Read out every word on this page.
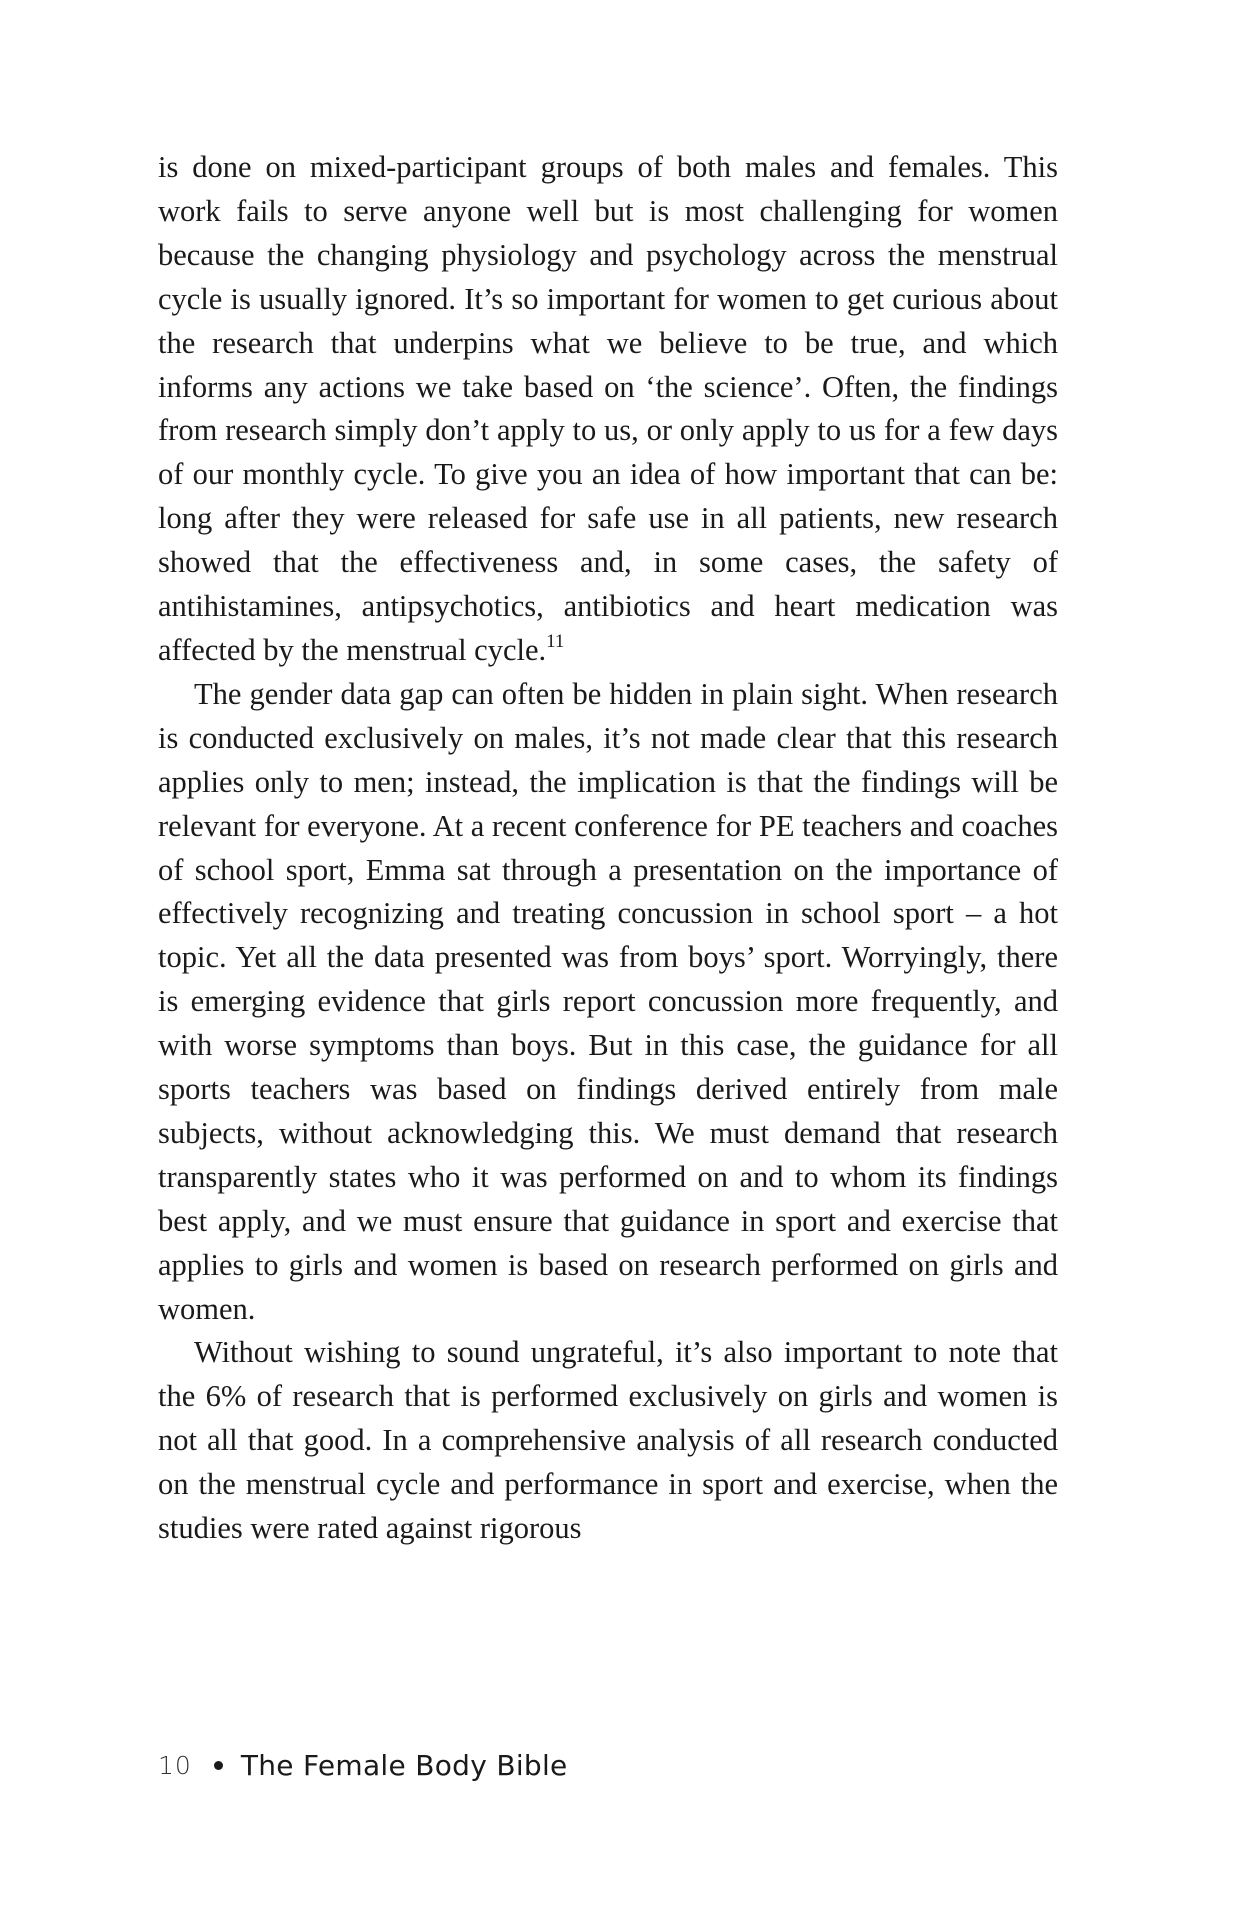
is done on mixed-participant groups of both males and females. This work fails to serve anyone well but is most challenging for women because the changing physiology and psychology across the menstrual cycle is usually ignored. It’s so important for women to get curious about the research that underpins what we believe to be true, and which informs any actions we take based on ‘the science’. Often, the findings from research simply don’t apply to us, or only apply to us for a few days of our monthly cycle. To give you an idea of how important that can be: long after they were released for safe use in all patients, new research showed that the effectiveness and, in some cases, the safety of antihistamines, antipsychotics, antibiotics and heart medication was affected by the menstrual cycle.$^{11}$

The gender data gap can often be hidden in plain sight. When research is conducted exclusively on males, it’s not made clear that this research applies only to men; instead, the implication is that the findings will be relevant for everyone. At a recent conference for PE teachers and coaches of school sport, Emma sat through a presentation on the importance of effectively recognizing and treating concussion in school sport – a hot topic. Yet all the data presented was from boys’ sport. Worryingly, there is emerging evidence that girls report concussion more frequently, and with worse symptoms than boys. But in this case, the guidance for all sports teachers was based on findings derived entirely from male subjects, without acknowledging this. We must demand that research transparently states who it was performed on and to whom its findings best apply, and we must ensure that guidance in sport and exercise that applies to girls and women is based on research performed on girls and women.

Without wishing to sound ungrateful, it’s also important to note that the 6% of research that is performed exclusively on girls and women is not all that good. In a comprehensive analysis of all research conducted on the menstrual cycle and performance in sport and exercise, when the studies were rated against rigorous

10 The Female Body Bible
